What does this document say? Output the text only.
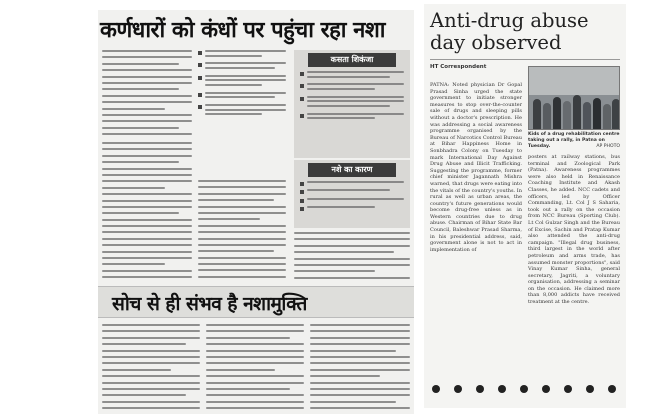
कर्णधारों को कंधों पर पहुंचा रहा नशा
कसता शिकंजा
नशे का कारण
सोच से ही संभव है नशामुक्ति
Anti-drug abuse day observed
HT Correspondent

PATNA: Noted physician Dr Gopal Prasad Sinha urged the state government to initiate stronger measures to stop over-the-counter sale of drugs and sleeping pills without a doctor's prescription. He was addressing a social awareness programme organised by the Bureau of Narcotics Control Bureau at Bihar Happiness Home in Sonbhadra Colony on Tuesday to mark International Day Against Drug Abuse and Illicit Trafficking. Suggesting the programme, former chief minister Jagannath Mishra warned, that drugs were eating into the vitals of the country's youths. In rural as well as urban areas, the country's future generations would become drug-free unless as in Western countries due to drug abuse. Chairman of Bihar State Bar Council, Baleshwar Prasad Sharma, in his presidential address, said, government alone is not to act in implementation of

Kids of a drug rehabilitation centre taking out a rally, in Patna on Tuesday.	AP PHOTO

posters at railway stations, bus terminal and Zoological Park (Patna). Awareness programmes were also held in Renaissance Coaching Institute and Akash Classes, he added. NCC cadets and officers, led by Officer Commanding, Lt. Col J S Saharia, took out a rally on the occasion from NCC Bureau (Sporting Club). Lt Col Gulzar Singh and the Bureau of Excise, Sachin and Pratap Kumar also attended the anti-drug campaign. "Illegal drug business, third largest in the world after petroleum and arms trade, has assumed monster proportions", said Vinay Kumar Sinha, general secretary, Jagriti, a voluntary organisation, addressing a seminar on the occasion. He claimed more than 8,000 addicts have received treatment at the centre.
